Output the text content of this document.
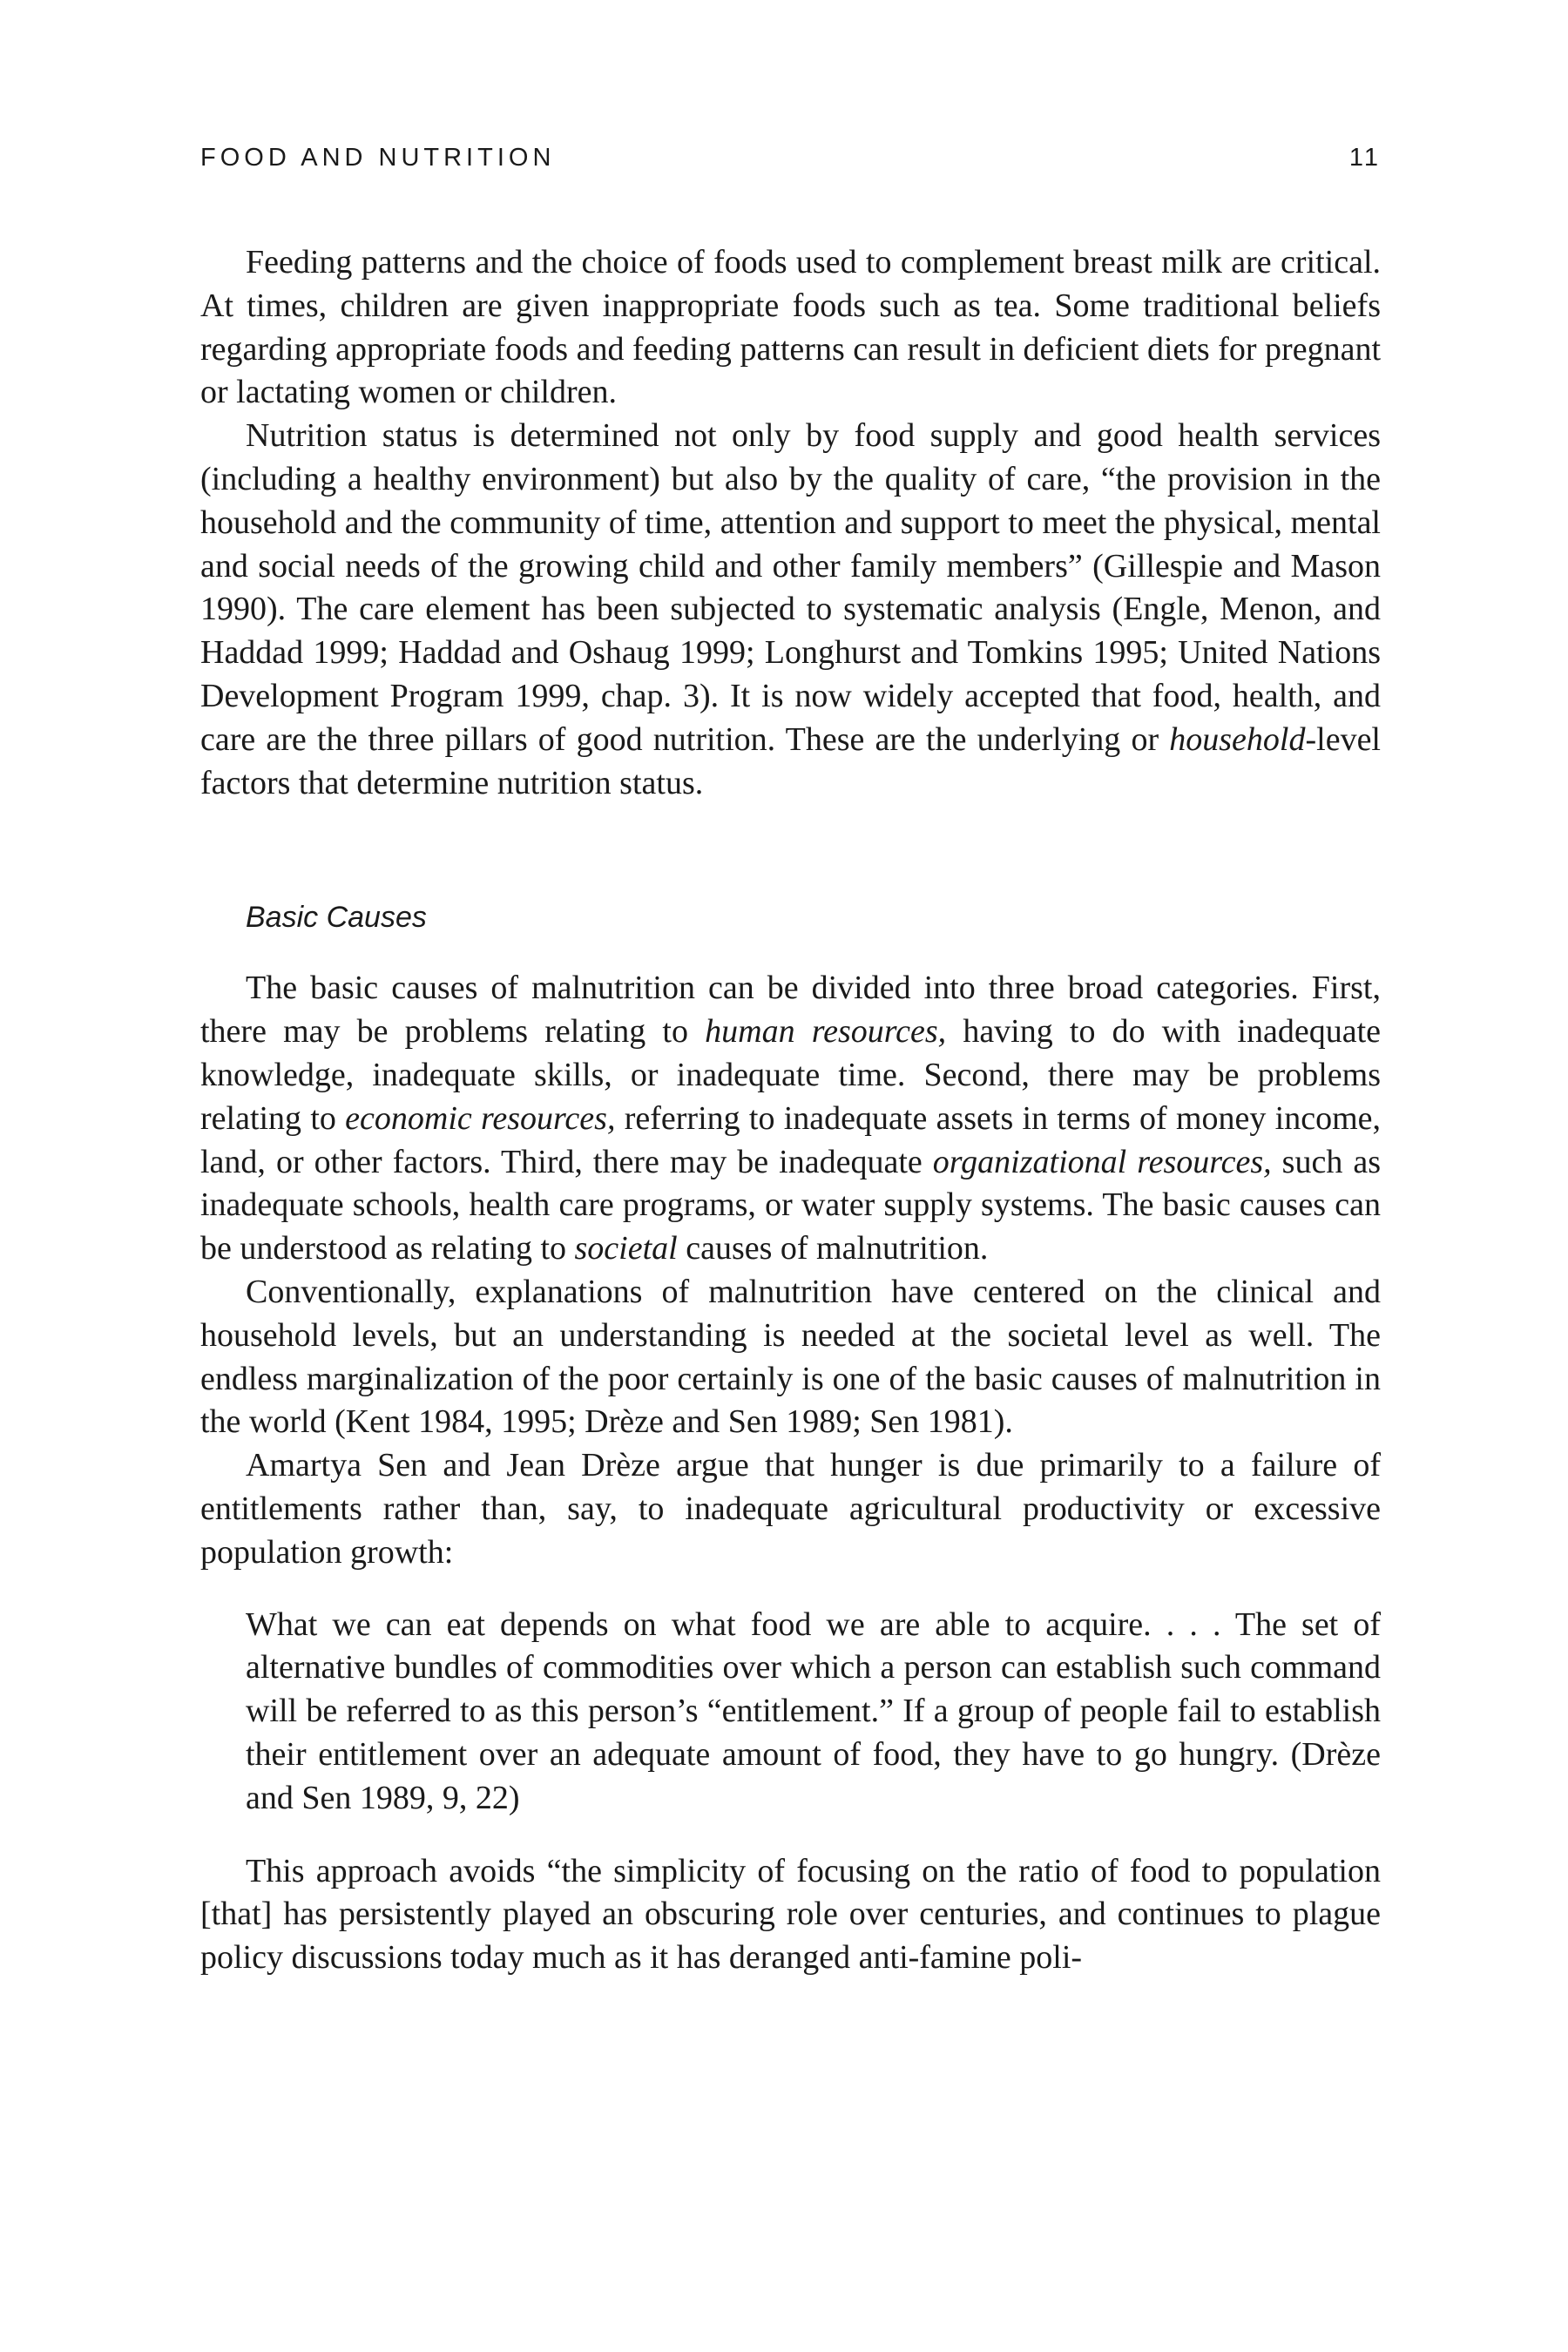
FOOD AND NUTRITION	11

Feeding patterns and the choice of foods used to complement breast milk are critical. At times, children are given inappropriate foods such as tea. Some traditional beliefs regarding appropriate foods and feeding patterns can result in deficient diets for pregnant or lactating women or children.

Nutrition status is determined not only by food supply and good health services (including a healthy environment) but also by the quality of care, “the provision in the household and the community of time, attention and support to meet the physical, mental and social needs of the growing child and other family members” (Gillespie and Mason 1990). The care element has been subjected to systematic analysis (Engle, Menon, and Haddad 1999; Haddad and Oshaug 1999; Longhurst and Tomkins 1995; United Nations Development Program 1999, chap. 3). It is now widely accepted that food, health, and care are the three pillars of good nutrition. These are the underlying or household-level factors that determine nutrition status.

Basic Causes

The basic causes of malnutrition can be divided into three broad categories. First, there may be problems relating to human resources, having to do with inadequate knowledge, inadequate skills, or inadequate time. Second, there may be problems relating to economic resources, referring to inadequate assets in terms of money income, land, or other factors. Third, there may be inadequate organizational resources, such as inadequate schools, health care programs, or water supply systems. The basic causes can be understood as relating to societal causes of malnutrition.

Conventionally, explanations of malnutrition have centered on the clinical and household levels, but an understanding is needed at the societal level as well. The endless marginalization of the poor certainly is one of the basic causes of malnutrition in the world (Kent 1984, 1995; Drèze and Sen 1989; Sen 1981).

Amartya Sen and Jean Drèze argue that hunger is due primarily to a failure of entitlements rather than, say, to inadequate agricultural productivity or excessive population growth:

What we can eat depends on what food we are able to acquire. . . . The set of alternative bundles of commodities over which a person can establish such command will be referred to as this person’s “entitlement.” If a group of people fail to establish their entitlement over an adequate amount of food, they have to go hungry. (Drèze and Sen 1989, 9, 22)

This approach avoids “the simplicity of focusing on the ratio of food to population [that] has persistently played an obscuring role over centuries, and continues to plague policy discussions today much as it has deranged anti-famine poli-
